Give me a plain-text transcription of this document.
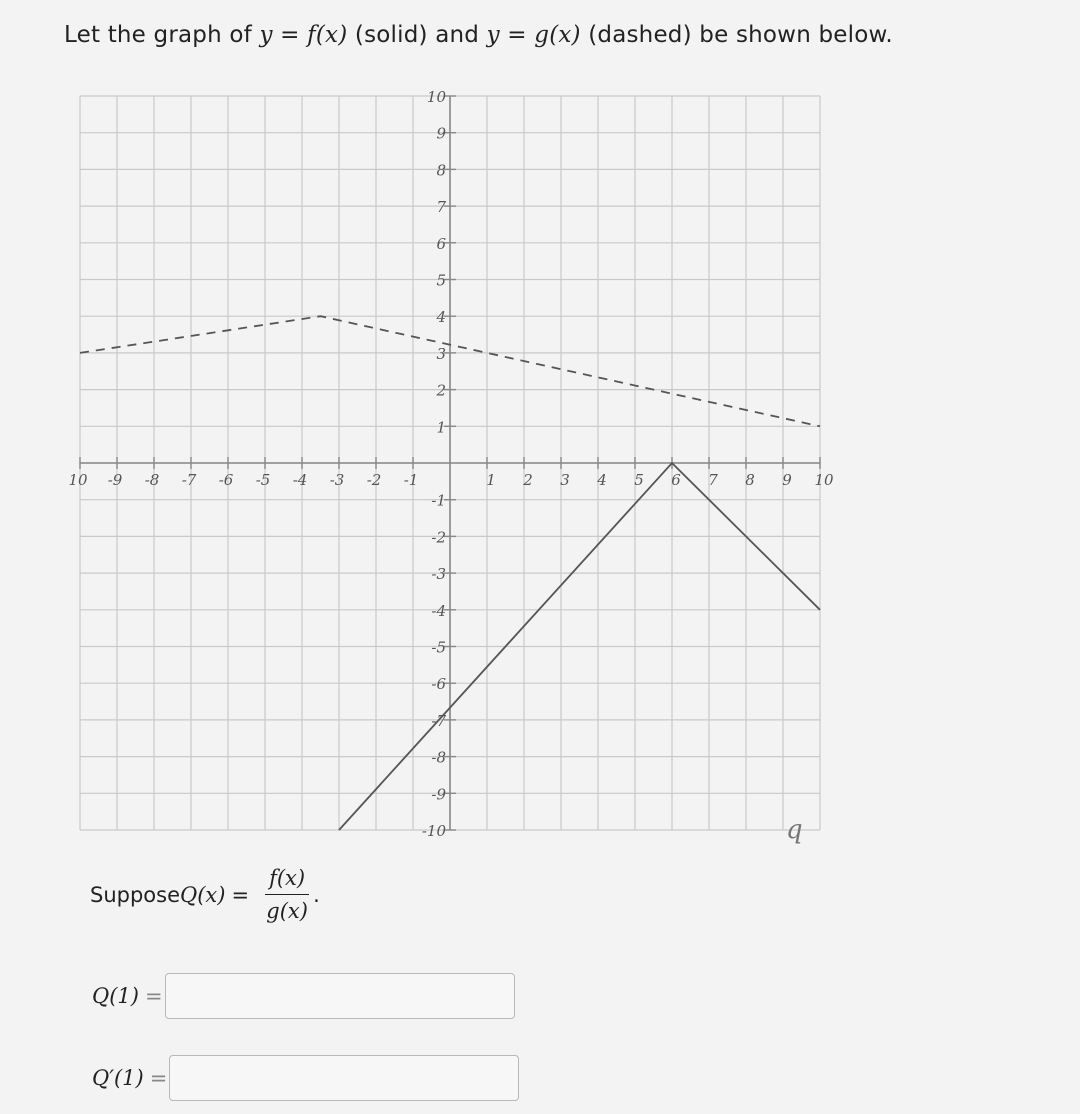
Let the graph of y = f(x) (solid) and y = g(x) (dashed) be shown below.
10 -9 -8 -7 -6 -5 -4 -3 -2 -1	1 2 3 4 5 6 7 8 9 10
10
9
8
7
6
5
4
3
2
1
-1
-2
-3
-4
-5
-6
-7
-8
-9
-10	q
Suppose $Q(x) = \frac{f(x)}{g(x)}$ .
Q(1) =
Q′(1) =
